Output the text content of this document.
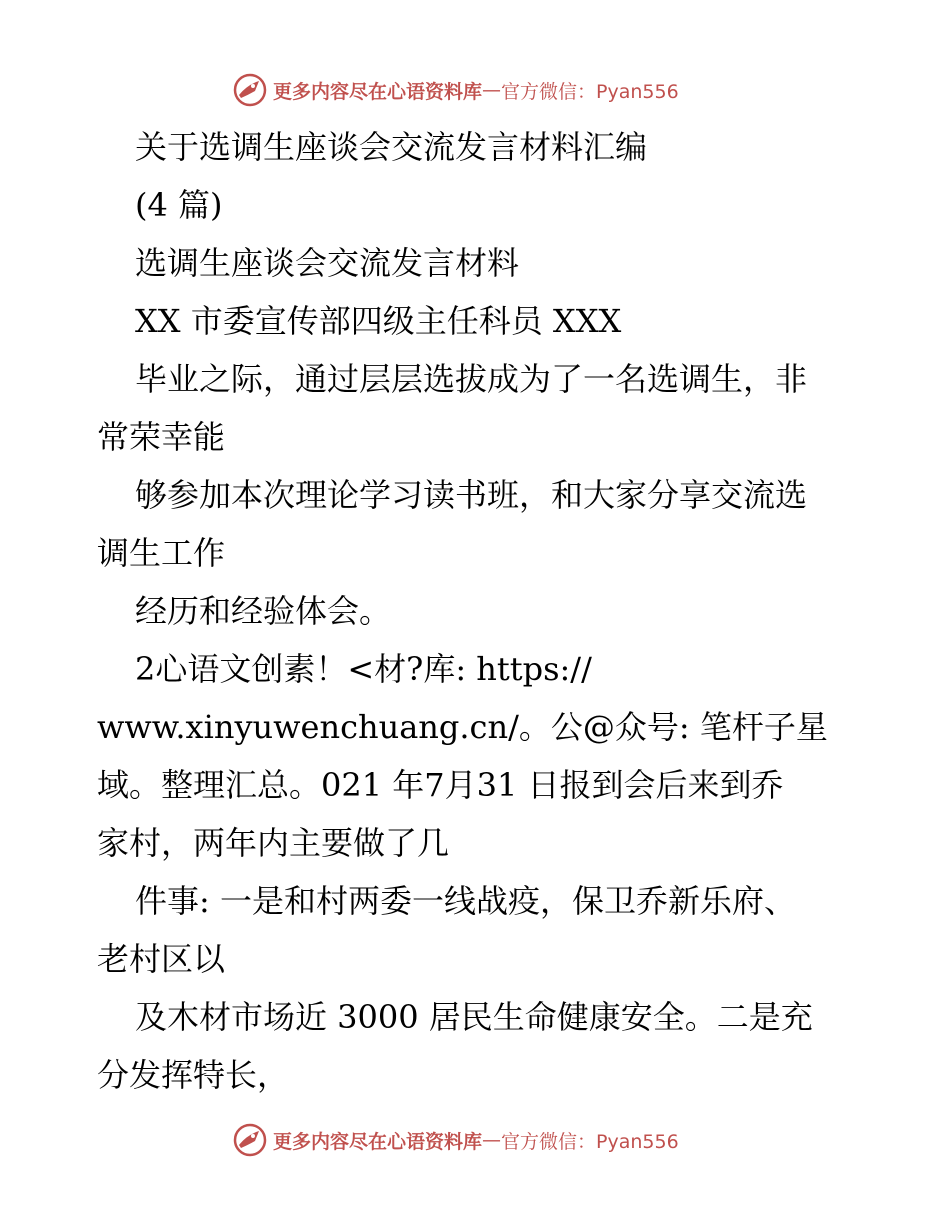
更多内容尽在心语资料库 — 官方微信：Pyan556
关于选调生座谈会交流发言材料汇编
(4 篇)
选调生座谈会交流发言材料
XX 市委宣传部四级主任科员 XXX
毕业之际，通过层层选拔成为了一名选调生，非
常荣幸能
够参加本次理论学习读书班，和大家分享交流选
调生工作
经历和经验体会。
2心语文创素！<材?库: https://
www.xinyuwenchuang.cn/。公@众号: 笔杆子星
域。整理汇总。021 年7月31 日报到会后来到乔
家村，两年内主要做了几
件事: 一是和村两委一线战疫，保卫乔新乐府、
老村区以
及木材市场近 3000 居民生命健康安全。二是充
分发挥特长，
更多内容尽在心语资料库 — 官方微信：Pyan556
